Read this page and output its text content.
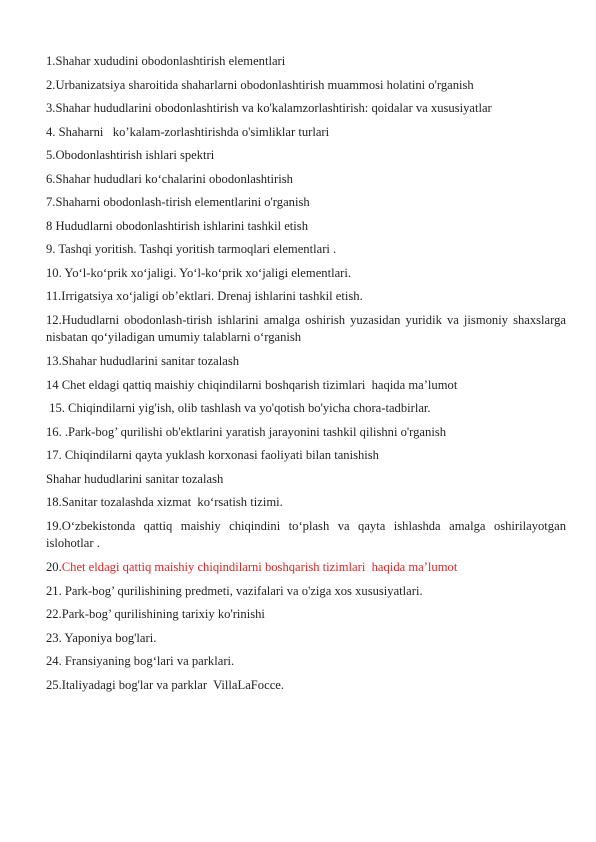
1.Shahar xududini obodonlashtirish elementlari
2.Urbanizatsiya sharoitida shaharlarni obodonlashtirish muammosi holatini o'rganish
3.Shahar hududlarini obodonlashtirish va ko'kalamzorlashtirish: qoidalar va xususiyatlar
4. Shaharni   ko’kalam-zorlashtirishda o'simliklar turlari
5.Obodonlashtirish ishlari spektri
6.Shahar hududlari ko‘chalarini obodonlashtirish
7.Shaharni obodonlash-tirish elementlarini o'rganish
8 Hududlarni obodonlashtirish ishlarini tashkil etish
9. Tashqi yoritish. Tashqi yoritish tarmoqlari elementlari .
10. Yo‘l-ko‘prik xo‘jaligi. Yo‘l-ko‘prik xo‘jaligi elementlari.
11.Irrigatsiya xo‘jaligi ob’ektlari. Drenaj ishlarini tashkil etish.
12.Hududlarni obodonlash-tirish ishlarini amalga oshirish yuzasidan yuridik va jismoniy shaxslarga nisbatan qo‘yiladigan umumiy talablarni o‘rganish
13.Shahar hududlarini sanitar tozalash
14 Chet eldagi qattiq maishiy chiqindilarni boshqarish tizimlari  haqida ma’lumot
15. Chiqindilarni yig'ish, olib tashlash va yo'qotish bo'yicha chora-tadbirlar.
16. .Park-bog’ qurilishi ob'ektlarini yaratish jarayonini tashkil qilishni o'rganish
17. Chiqindilarni qayta yuklash korxonasi faoliyati bilan tanishish
Shahar hududlarini sanitar tozalash
18.Sanitar tozalashda xizmat  ko‘rsatish tizimi.
19.O‘zbekistonda qattiq maishiy chiqindini to‘plash va qayta ishlashda amalga oshirilayotgan islohotlar .
20.Chet eldagi qattiq maishiy chiqindilarni boshqarish tizimlari  haqida ma’lumot
21. Park-bog’ qurilishining predmeti, vazifalari va o'ziga xos xususiyatlari.
22.Park-bog’ qurilishining tarixiy ko'rinishi
23. Yaponiya bog'lari.
24. Fransiyaning bog‘lari va parklari.
25.Italiyadagi bog'lar va parklar  VillaLaFocce.
